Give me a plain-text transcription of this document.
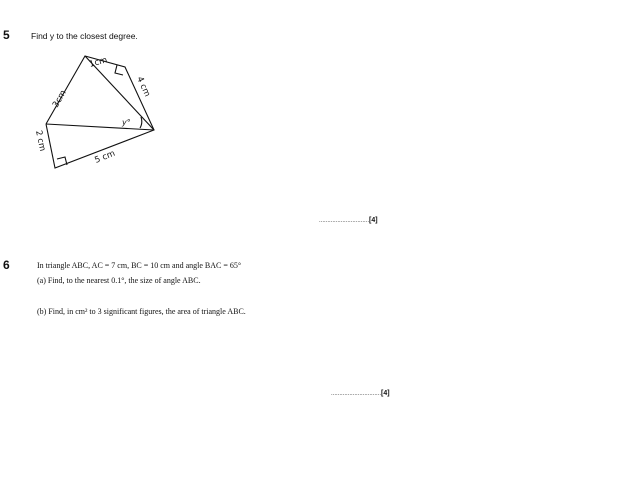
5	Find y to the closest degree.
1cm
4 cm
3cm
2 cm
5 cm
y°
..............................[4]
6	In triangle ABC, AC = 7 cm, BC = 10 cm and angle BAC = 65°
(a) Find, to the nearest 0.1°, the size of angle ABC.
(b) Find, in cm² to 3 significant figures, the area of triangle ABC.
..............................[4]
